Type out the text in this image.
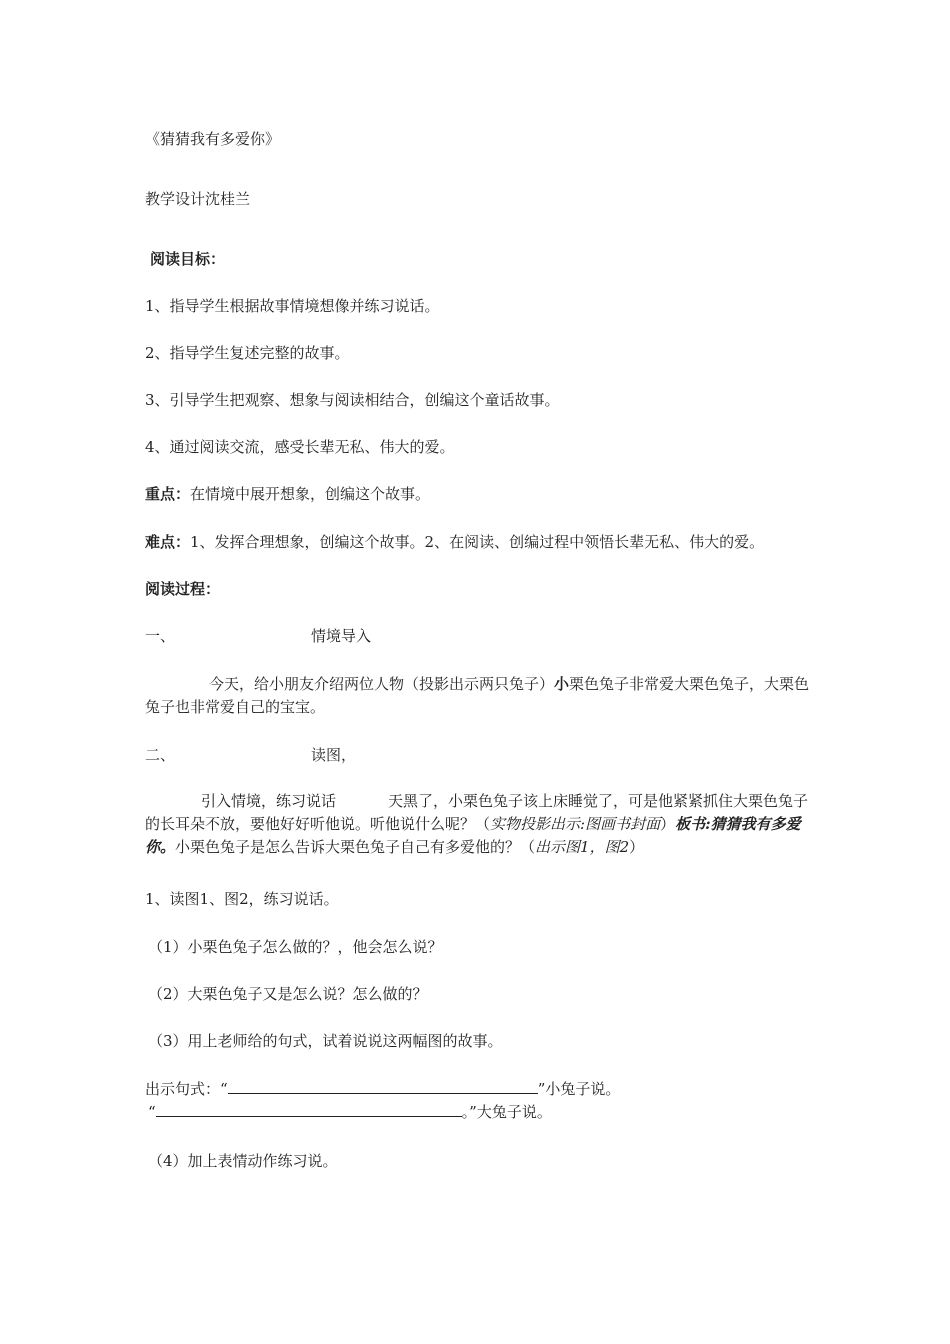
《猜猜我有多爱你》
教学设计沈桂兰
阅读目标：
1、指导学生根据故事情境想像并练习说话。
2、指导学生复述完整的故事。
3、引导学生把观察、想象与阅读相结合，创编这个童话故事。
4、通过阅读交流，感受长辈无私、伟大的爱。
重点：在情境中展开想象，创编这个故事。
难点：1、发挥合理想象，创编这个故事。2、在阅读、创编过程中领悟长辈无私、伟大的爱。
阅读过程：
一、	情境导入
今天，给小朋友介绍两位人物（投影出示两只兔子）小栗色兔子非常爱大栗色兔子，大栗色兔子也非常爱自己的宝宝。
二、	读图，
引入情境，练习说话	天黑了，小栗色兔子该上床睡觉了，可是他紧紧抓住大栗色兔子的长耳朵不放，要他好好听他说。听他说什么呢？（实物投影出示:图画书封面）板书:猜猜我有多爱你。小栗色兔子是怎么告诉大栗色兔子自己有多爱他的？（出示图1，图2）
1、读图1、图2，练习说话。
（1）小栗色兔子怎么做的？，他会怎么说？
（2）大栗色兔子又是怎么说？怎么做的？
（3）用上老师给的句式，试着说说这两幅图的故事。
出示句式：“	”小兔子说。
“	。”大兔子说。
（4）加上表情动作练习说。
